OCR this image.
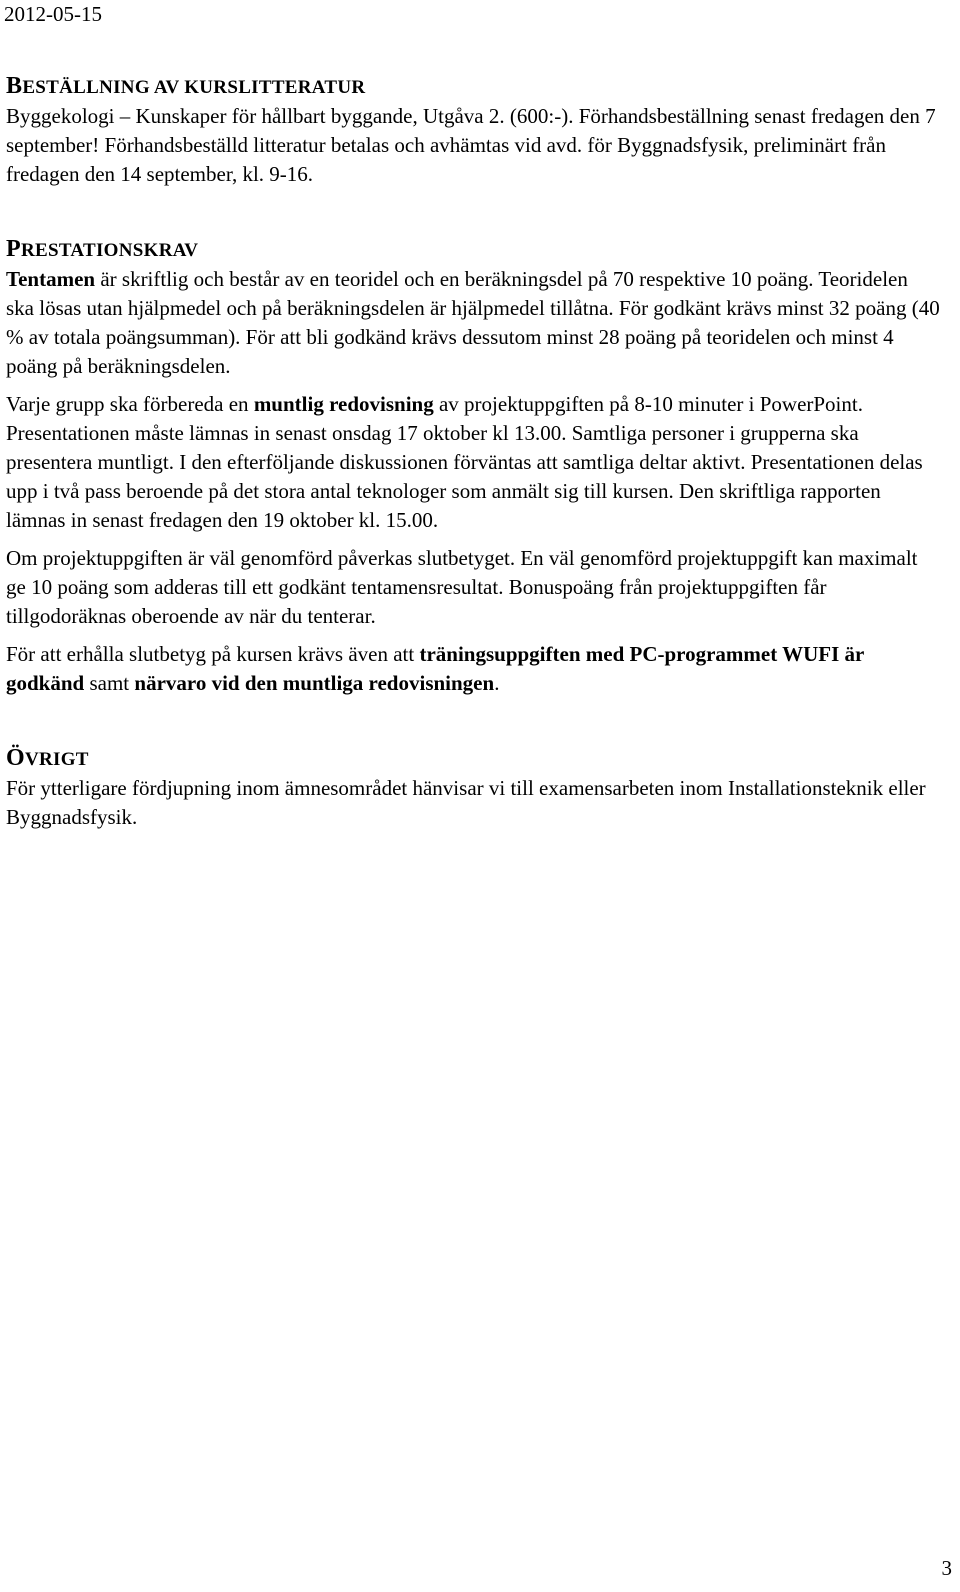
2012-05-15
BESTÄLLNING AV KURSLITTERATUR

Byggekologi – Kunskaper för hållbart byggande, Utgåva 2. (600:-). Förhandsbeställning senast fredagen den 7 september! Förhandsbeställd litteratur betalas och avhämtas vid avd. för Byggnadsfysik, preliminärt från fredagen den 14 september, kl. 9-16.

PRESTATIONSKRAV

Tentamen är skriftlig och består av en teoridel och en beräkningsdel på 70 respektive 10 poäng. Teoridelen ska lösas utan hjälpmedel och på beräkningsdelen är hjälpmedel tillåtna. För godkänt krävs minst 32 poäng (40 % av totala poängsumman). För att bli godkänd krävs dessutom minst 28 poäng på teoridelen och minst 4 poäng på beräkningsdelen.

Varje grupp ska förbereda en muntlig redovisning av projektuppgiften på 8-10 minuter i PowerPoint. Presentationen måste lämnas in senast onsdag 17 oktober kl 13.00. Samtliga personer i grupperna ska presentera muntligt. I den efterföljande diskussionen förväntas att samtliga deltar aktivt. Presentationen delas upp i två pass beroende på det stora antal teknologer som anmält sig till kursen. Den skriftliga rapporten lämnas in senast fredagen den 19 oktober kl. 15.00.

Om projektuppgiften är väl genomförd påverkas slutbetyget. En väl genomförd projektuppgift kan maximalt ge 10 poäng som adderas till ett godkänt tentamensresultat. Bonuspoäng från projektuppgiften får tillgodoräknas oberoende av när du tenterar.

För att erhålla slutbetyg på kursen krävs även att träningsuppgiften med PC-programmet WUFI är godkänd samt närvaro vid den muntliga redovisningen.

ÖVRIGT

För ytterligare fördjupning inom ämnesområdet hänvisar vi till examensarbeten inom Installationsteknik eller Byggnadsfysik.

3
